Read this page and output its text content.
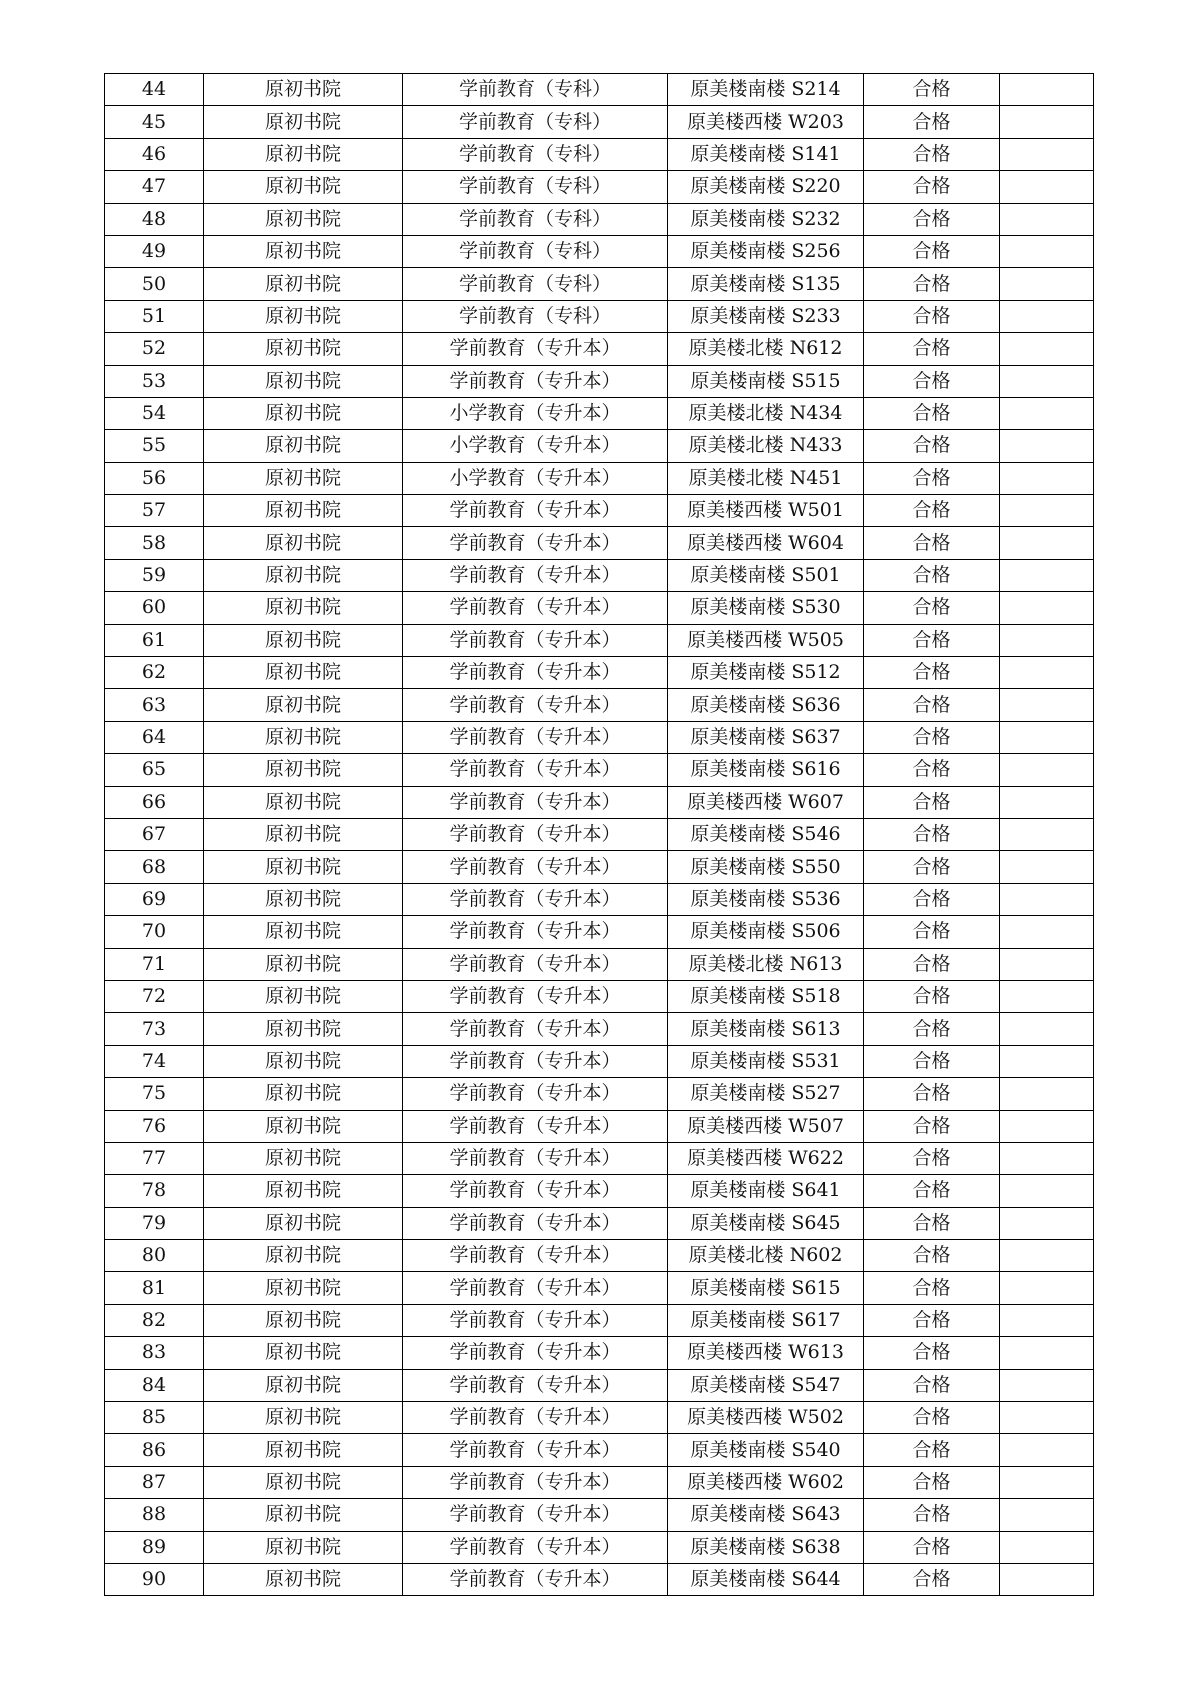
44	原初书院	学前教育（专科）	原美楼南楼 S214	合格	
45	原初书院	学前教育（专科）	原美楼西楼 W203	合格	
46	原初书院	学前教育（专科）	原美楼南楼 S141	合格	
47	原初书院	学前教育（专科）	原美楼南楼 S220	合格	
48	原初书院	学前教育（专科）	原美楼南楼 S232	合格	
49	原初书院	学前教育（专科）	原美楼南楼 S256	合格	
50	原初书院	学前教育（专科）	原美楼南楼 S135	合格	
51	原初书院	学前教育（专科）	原美楼南楼 S233	合格	
52	原初书院	学前教育（专升本）	原美楼北楼 N612	合格	
53	原初书院	学前教育（专升本）	原美楼南楼 S515	合格	
54	原初书院	小学教育（专升本）	原美楼北楼 N434	合格	
55	原初书院	小学教育（专升本）	原美楼北楼 N433	合格	
56	原初书院	小学教育（专升本）	原美楼北楼 N451	合格	
57	原初书院	学前教育（专升本）	原美楼西楼 W501	合格	
58	原初书院	学前教育（专升本）	原美楼西楼 W604	合格	
59	原初书院	学前教育（专升本）	原美楼南楼 S501	合格	
60	原初书院	学前教育（专升本）	原美楼南楼 S530	合格	
61	原初书院	学前教育（专升本）	原美楼西楼 W505	合格	
62	原初书院	学前教育（专升本）	原美楼南楼 S512	合格	
63	原初书院	学前教育（专升本）	原美楼南楼 S636	合格	
64	原初书院	学前教育（专升本）	原美楼南楼 S637	合格	
65	原初书院	学前教育（专升本）	原美楼南楼 S616	合格	
66	原初书院	学前教育（专升本）	原美楼西楼 W607	合格	
67	原初书院	学前教育（专升本）	原美楼南楼 S546	合格	
68	原初书院	学前教育（专升本）	原美楼南楼 S550	合格	
69	原初书院	学前教育（专升本）	原美楼南楼 S536	合格	
70	原初书院	学前教育（专升本）	原美楼南楼 S506	合格	
71	原初书院	学前教育（专升本）	原美楼北楼 N613	合格	
72	原初书院	学前教育（专升本）	原美楼南楼 S518	合格	
73	原初书院	学前教育（专升本）	原美楼南楼 S613	合格	
74	原初书院	学前教育（专升本）	原美楼南楼 S531	合格	
75	原初书院	学前教育（专升本）	原美楼南楼 S527	合格	
76	原初书院	学前教育（专升本）	原美楼西楼 W507	合格	
77	原初书院	学前教育（专升本）	原美楼西楼 W622	合格	
78	原初书院	学前教育（专升本）	原美楼南楼 S641	合格	
79	原初书院	学前教育（专升本）	原美楼南楼 S645	合格	
80	原初书院	学前教育（专升本）	原美楼北楼 N602	合格	
81	原初书院	学前教育（专升本）	原美楼南楼 S615	合格	
82	原初书院	学前教育（专升本）	原美楼南楼 S617	合格	
83	原初书院	学前教育（专升本）	原美楼西楼 W613	合格	
84	原初书院	学前教育（专升本）	原美楼南楼 S547	合格	
85	原初书院	学前教育（专升本）	原美楼西楼 W502	合格	
86	原初书院	学前教育（专升本）	原美楼南楼 S540	合格	
87	原初书院	学前教育（专升本）	原美楼西楼 W602	合格	
88	原初书院	学前教育（专升本）	原美楼南楼 S643	合格	
89	原初书院	学前教育（专升本）	原美楼南楼 S638	合格	
90	原初书院	学前教育（专升本）	原美楼南楼 S644	合格	
